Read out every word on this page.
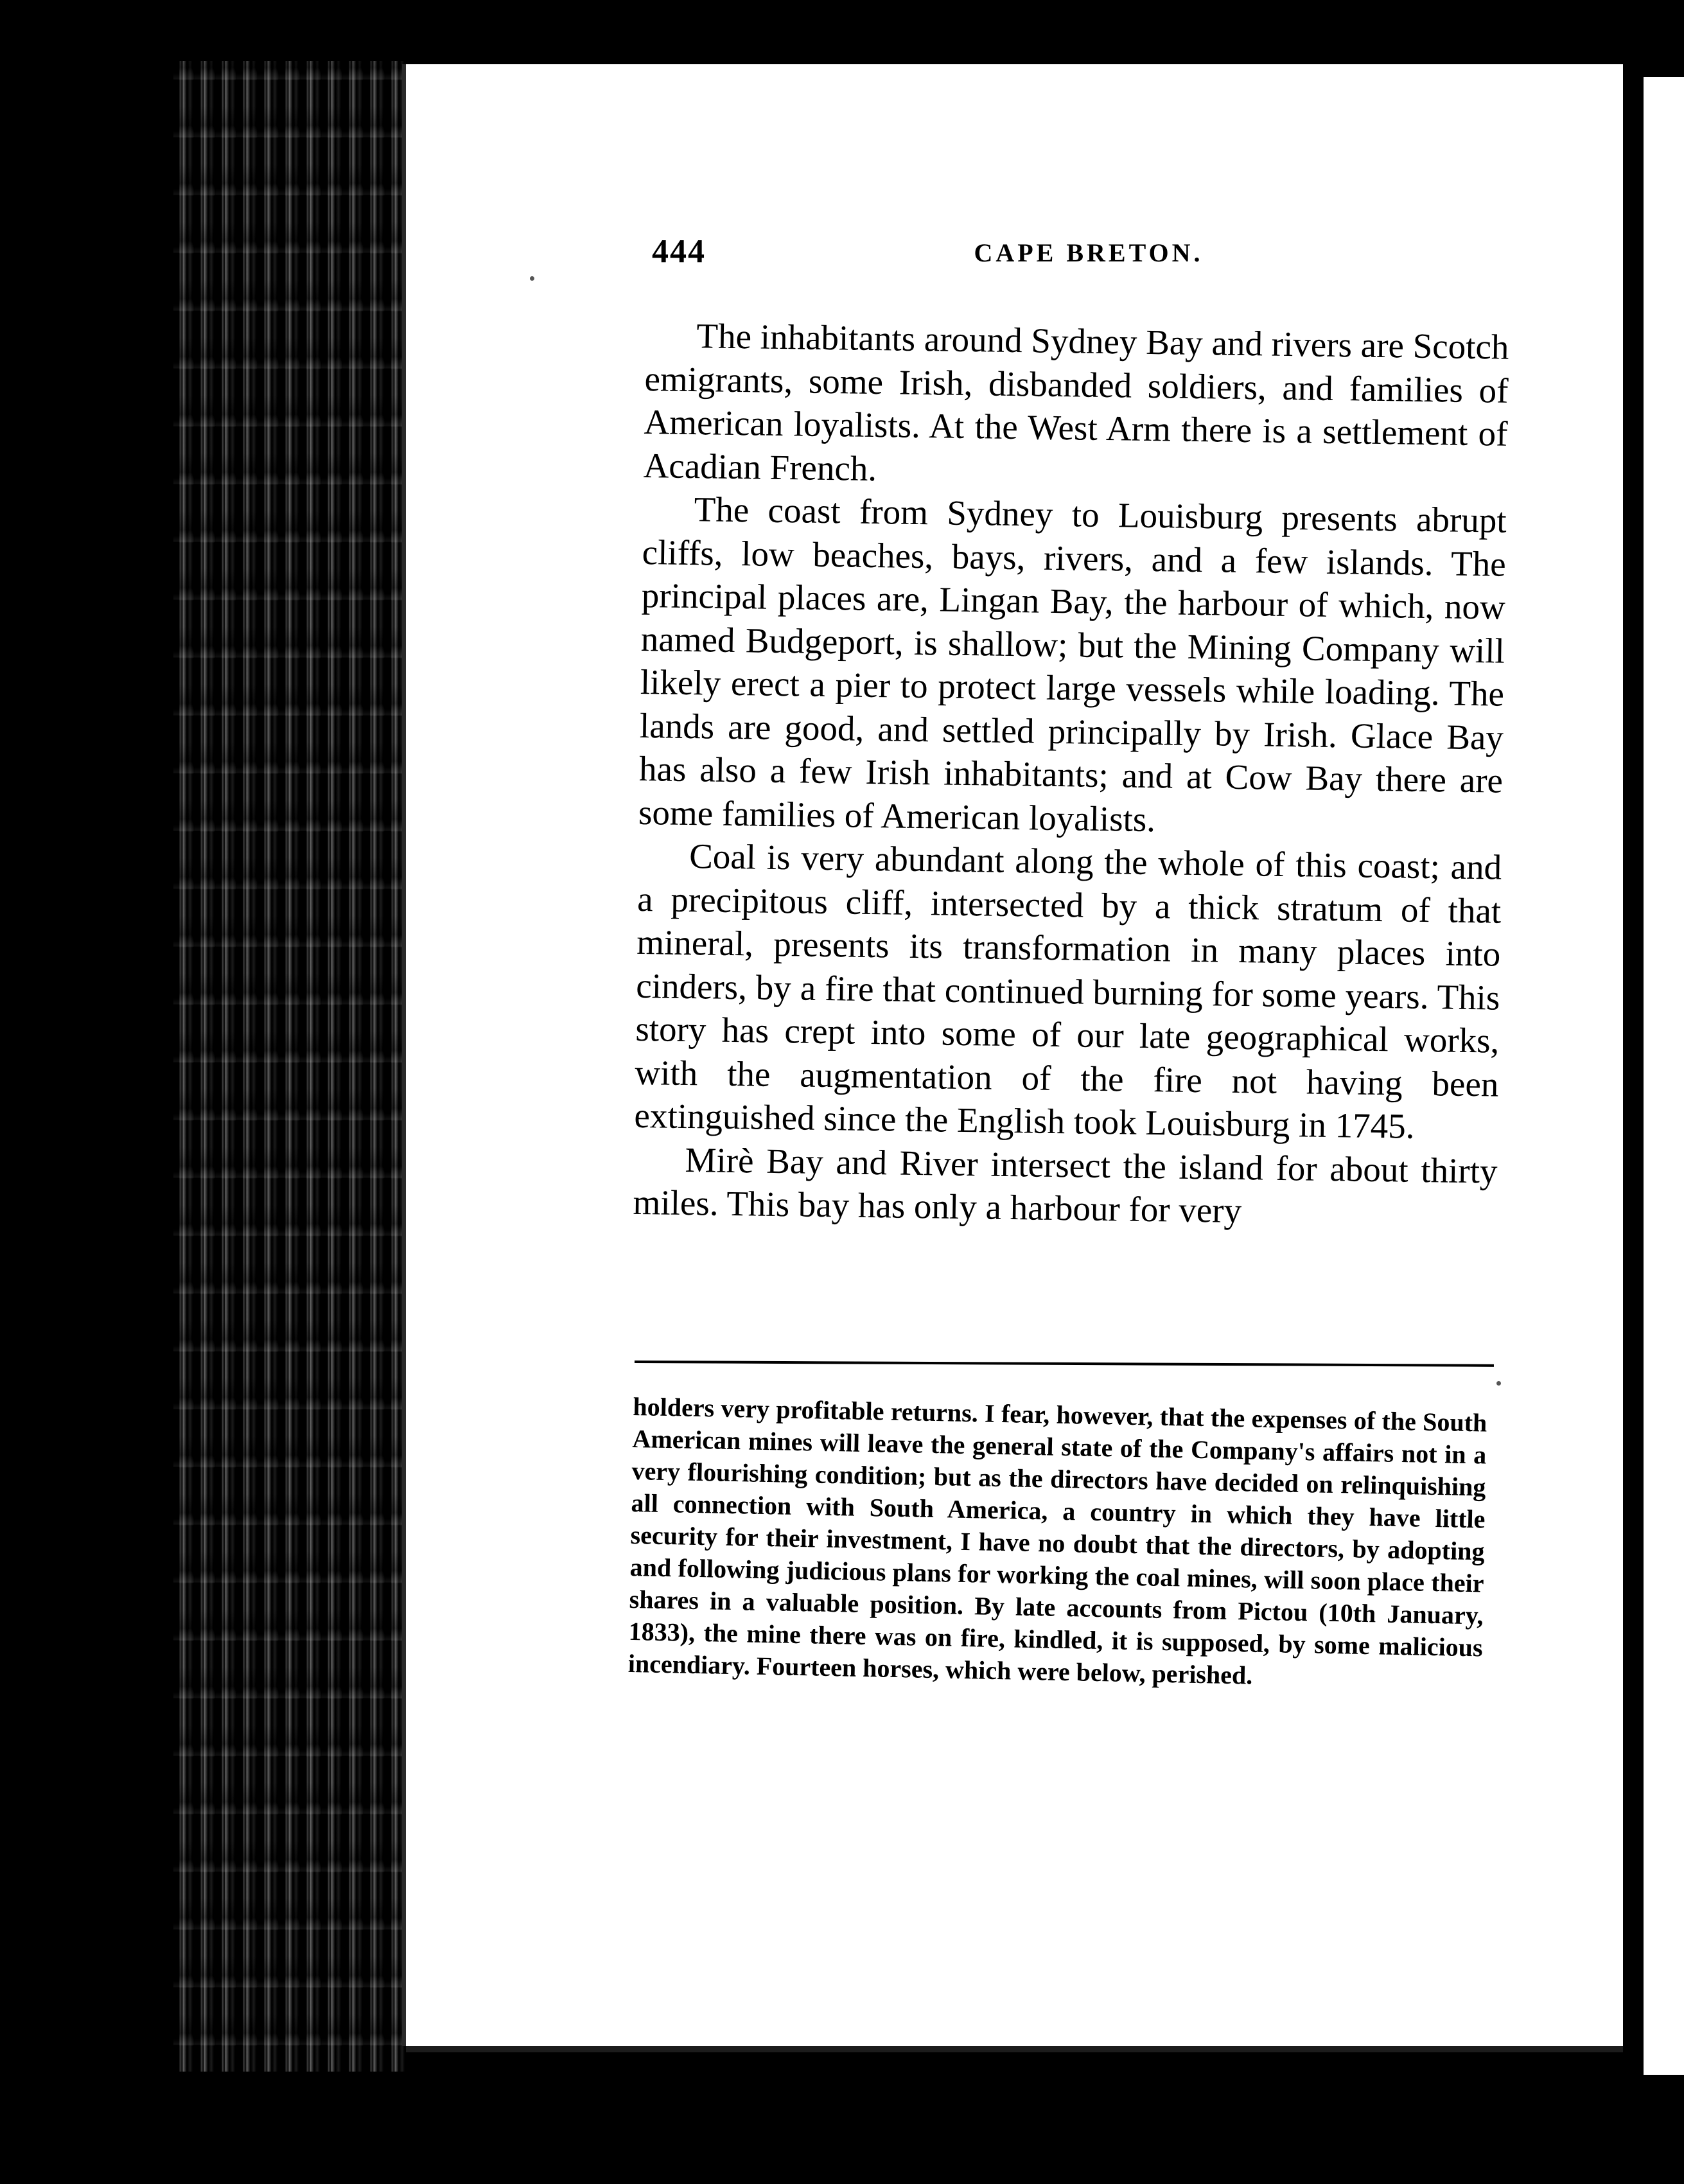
444	CAPE BRETON.

The inhabitants around Sydney Bay and rivers are Scotch emigrants, some Irish, disbanded soldiers, and families of American loyalists. At the West Arm there is a settlement of Acadian French.

The coast from Sydney to Louisburg presents abrupt cliffs, low beaches, bays, rivers, and a few islands. The principal places are, Lingan Bay, the harbour of which, now named Budgeport, is shallow; but the Mining Company will likely erect a pier to protect large vessels while loading. The lands are good, and settled principally by Irish. Glace Bay has also a few Irish inhabitants; and at Cow Bay there are some families of American loyalists.

Coal is very abundant along the whole of this coast; and a precipitous cliff, intersected by a thick stratum of that mineral, presents its transformation in many places into cinders, by a fire that continued burning for some years. This story has crept into some of our late geographical works, with the augmentation of the fire not having been extinguished since the English took Louisburg in 1745.

Mirè Bay and River intersect the island for about thirty miles. This bay has only a harbour for very

holders very profitable returns. I fear, however, that the expenses of the South American mines will leave the general state of the Company's affairs not in a very flourishing condition; but as the directors have decided on relinquishing all connection with South America, a country in which they have little security for their investment, I have no doubt that the directors, by adopting and following judicious plans for working the coal mines, will soon place their shares in a valuable position. By late accounts from Pictou (10th January, 1833), the mine there was on fire, kindled, it is supposed, by some malicious incendiary. Fourteen horses, which were below, perished.
